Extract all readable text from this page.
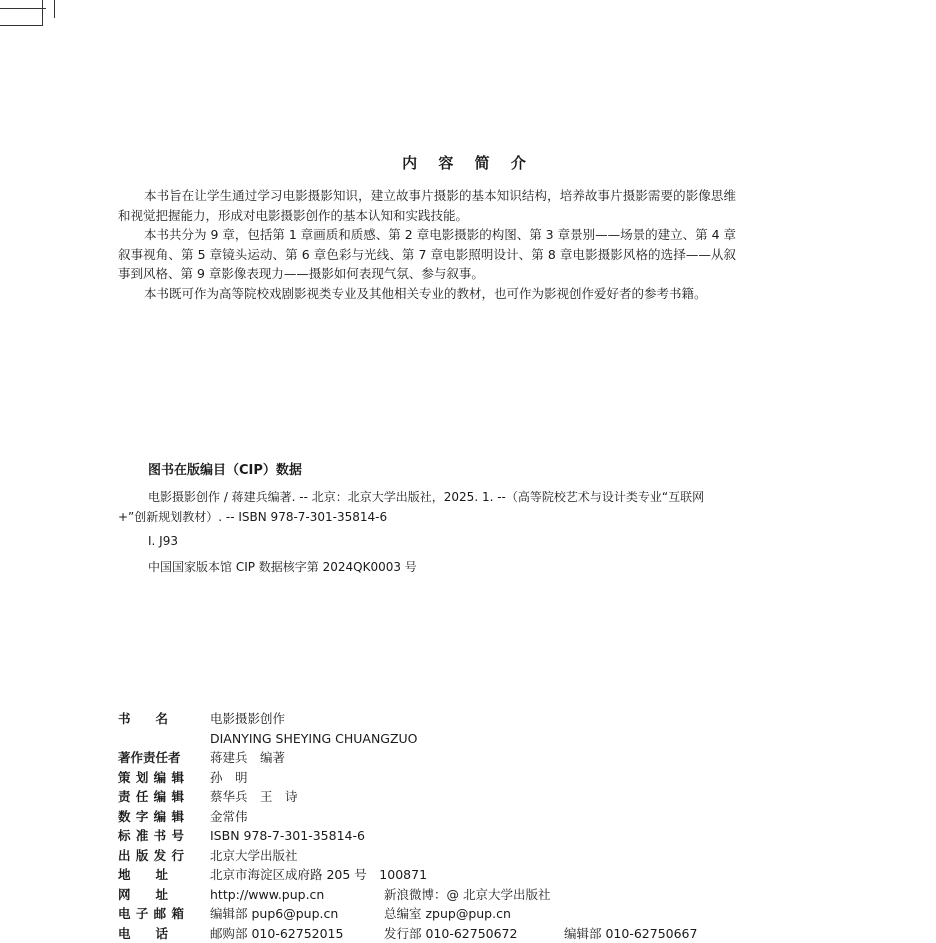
内 容 简 介

本书旨在让学生通过学习电影摄影知识，建立故事片摄影的基本知识结构，培养故事片摄影需要的影像思维和视觉把握能力，形成对电影摄影创作的基本认知和实践技能。

本书共分为 9 章，包括第 1 章画质和质感、第 2 章电影摄影的构图、第 3 章景别——场景的建立、第 4 章叙事视角、第 5 章镜头运动、第 6 章色彩与光线、第 7 章电影照明设计、第 8 章电影摄影风格的选择——从叙事到风格、第 9 章影像表现力——摄影如何表现气氛、参与叙事。

本书既可作为高等院校戏剧影视类专业及其他相关专业的教材，也可作为影视创作爱好者的参考书籍。

图书在版编目（CIP）数据

电影摄影创作 / 蒋建兵编著. -- 北京：北京大学出版社，2025. 1. --（高等院校艺术与设计类专业“互联网 +”创新规划教材）. -- ISBN 978-7-301-35814-6

Ⅰ. J93

中国国家版本馆 CIP 数据核字第 2024QK0003 号

书　　名	电影摄影创作
DIANYING SHEYING CHUANGZUO
著作责任者	蒋建兵　编著
策划编辑 孙　明
责任编辑 蔡华兵　王　诗
数字编辑 金常伟
标准书号 ISBN 978-7-301-35814-6
出版发行 北京大学出版社
地　　址	北京市海淀区成府路 205 号　100871
网　　址	http://www.pup.cn	新浪微博：@ 北京大学出版社
电子邮箱 编辑部 pup6@pup.cn	总编室 zpup@pup.cn
电　　话	邮购部 010-62752015	发行部 010-62750672	编辑部 010-62750667
